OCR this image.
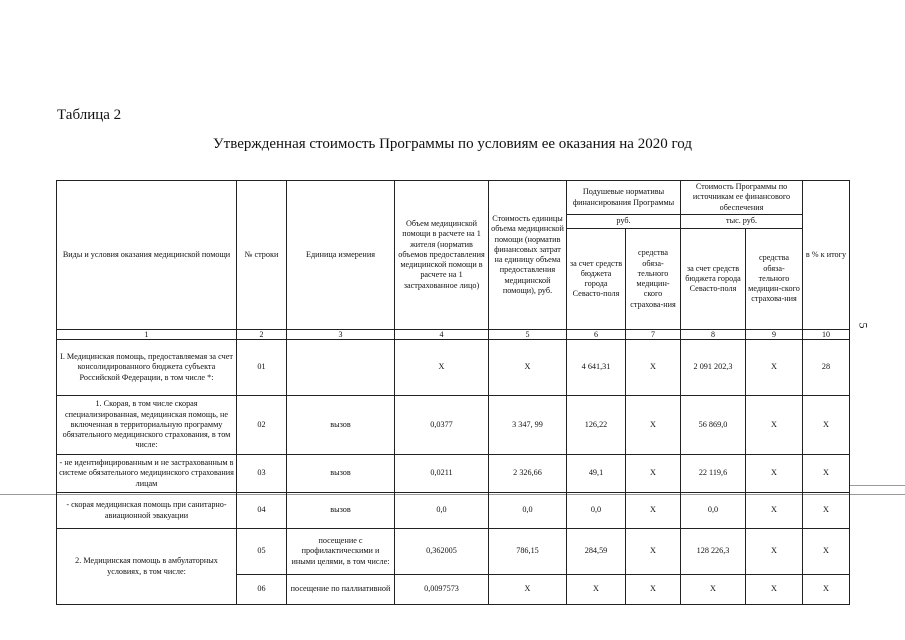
Таблица 2
Утвержденная стоимость Программы по условиям ее оказания на 2020 год
5
Виды и условия оказания медицинской помощи	№ строки	Единица измерения	Объем медицинской помощи в расчете на 1 жителя (норматив объемов предоставления медицинской помощи в расчете на 1 застрахованное лицо)	Стоимость единицы объема медицинской помощи (норматив финансовых затрат на единицу объема предоставления медицинской помощи), руб.	Подушевые нормативы финансирования Программы		Стоимость Программы по источникам ее финансового обеспечения		в % к итогу
					руб.		тыс. руб.		
					за счет средств бюджета города Севасто-поля	средства обяза-тельного медицин-ского страхова-ния	за счет средств бюджета города Севасто-поля	средства обяза-тельного медицин-ского страхова-ния	
1	2	3	4	5	6	7	8	9	10
I. Медицинская помощь, предоставляемая за счет консолидированного бюджета субъекта Российской Федерации, в том числе *:	01		Х	Х	4 641,31	Х	2 091 202,3	Х	28
1. Скорая, в том числе скорая специализированная, медицинская помощь, не включенная в территориальную программу обязательного медицинского страхования, в том числе:	02	вызов	0,0377	3 347, 99	126,22	Х	56 869,0	Х	Х
- не идентифицированным и не застрахованным в системе обязательного медицинского страхования лицам	03	вызов	0,0211	2 326,66	49,1	Х	22 119,6	Х	Х
- скорая медицинская помощь при санитарно-авиационной эвакуации	04	вызов	0,0	0,0	0,0	Х	0,0	Х	Х
2. Медицинская помощь в амбулаторных условиях, в том числе:	05	посещение с профилактическими и иными целями, в том числе:	0,362005	786,15	284,59	Х	128 226,3	Х	Х
	06	посещение по паллиативной	0,0097573	Х	Х	Х	Х	Х	Х
